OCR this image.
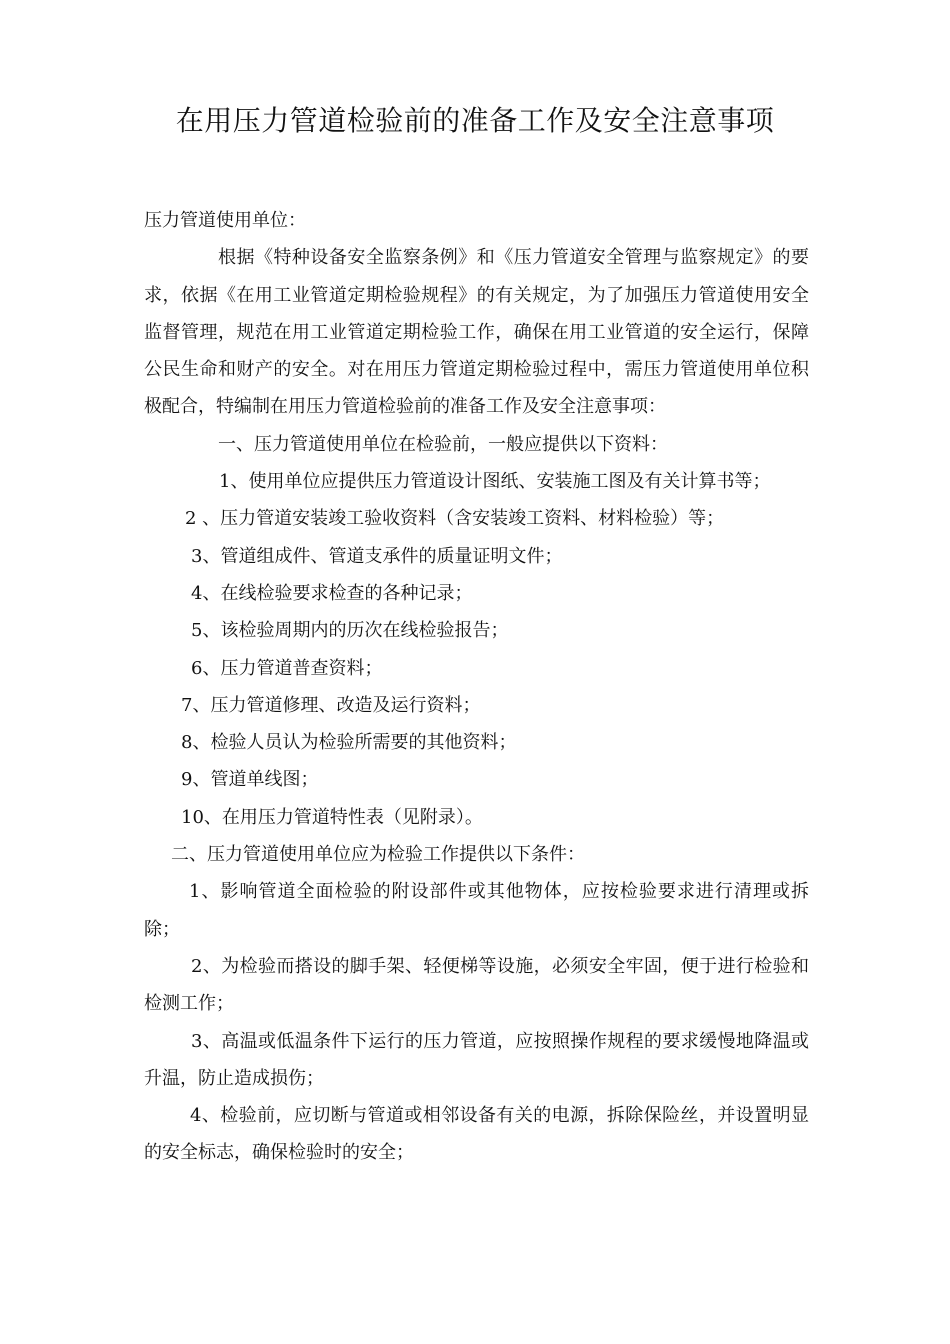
在用压力管道检验前的准备工作及安全注意事项

压力管道使用单位：

根据《特种设备安全监察条例》和《压力管道安全管理与监察规定》的要求，依据《在用工业管道定期检验规程》的有关规定，为了加强压力管道使用安全监督管理，规范在用工业管道定期检验工作，确保在用工业管道的安全运行，保障公民生命和财产的安全。对在用压力管道定期检验过程中，需压力管道使用单位积极配合，特编制在用压力管道检验前的准备工作及安全注意事项：

一、压力管道使用单位在检验前，一般应提供以下资料：

1、使用单位应提供压力管道设计图纸、安装施工图及有关计算书等；

2 、压力管道安装竣工验收资料（含安装竣工资料、材料检验）等；

3、管道组成件、管道支承件的质量证明文件；

4、在线检验要求检查的各种记录；

5、该检验周期内的历次在线检验报告；

6、压力管道普查资料；

7、压力管道修理、改造及运行资料；

8、检验人员认为检验所需要的其他资料；

9、管道单线图；

10、在用压力管道特性表（见附录）。

二、压力管道使用单位应为检验工作提供以下条件：

1、影响管道全面检验的附设部件或其他物体，应按检验要求进行清理或拆除；

2、为检验而搭设的脚手架、轻便梯等设施，必须安全牢固，便于进行检验和检测工作；

3、高温或低温条件下运行的压力管道，应按照操作规程的要求缓慢地降温或升温，防止造成损伤；

4、检验前，应切断与管道或相邻设备有关的电源，拆除保险丝，并设置明显的安全标志，确保检验时的安全；
